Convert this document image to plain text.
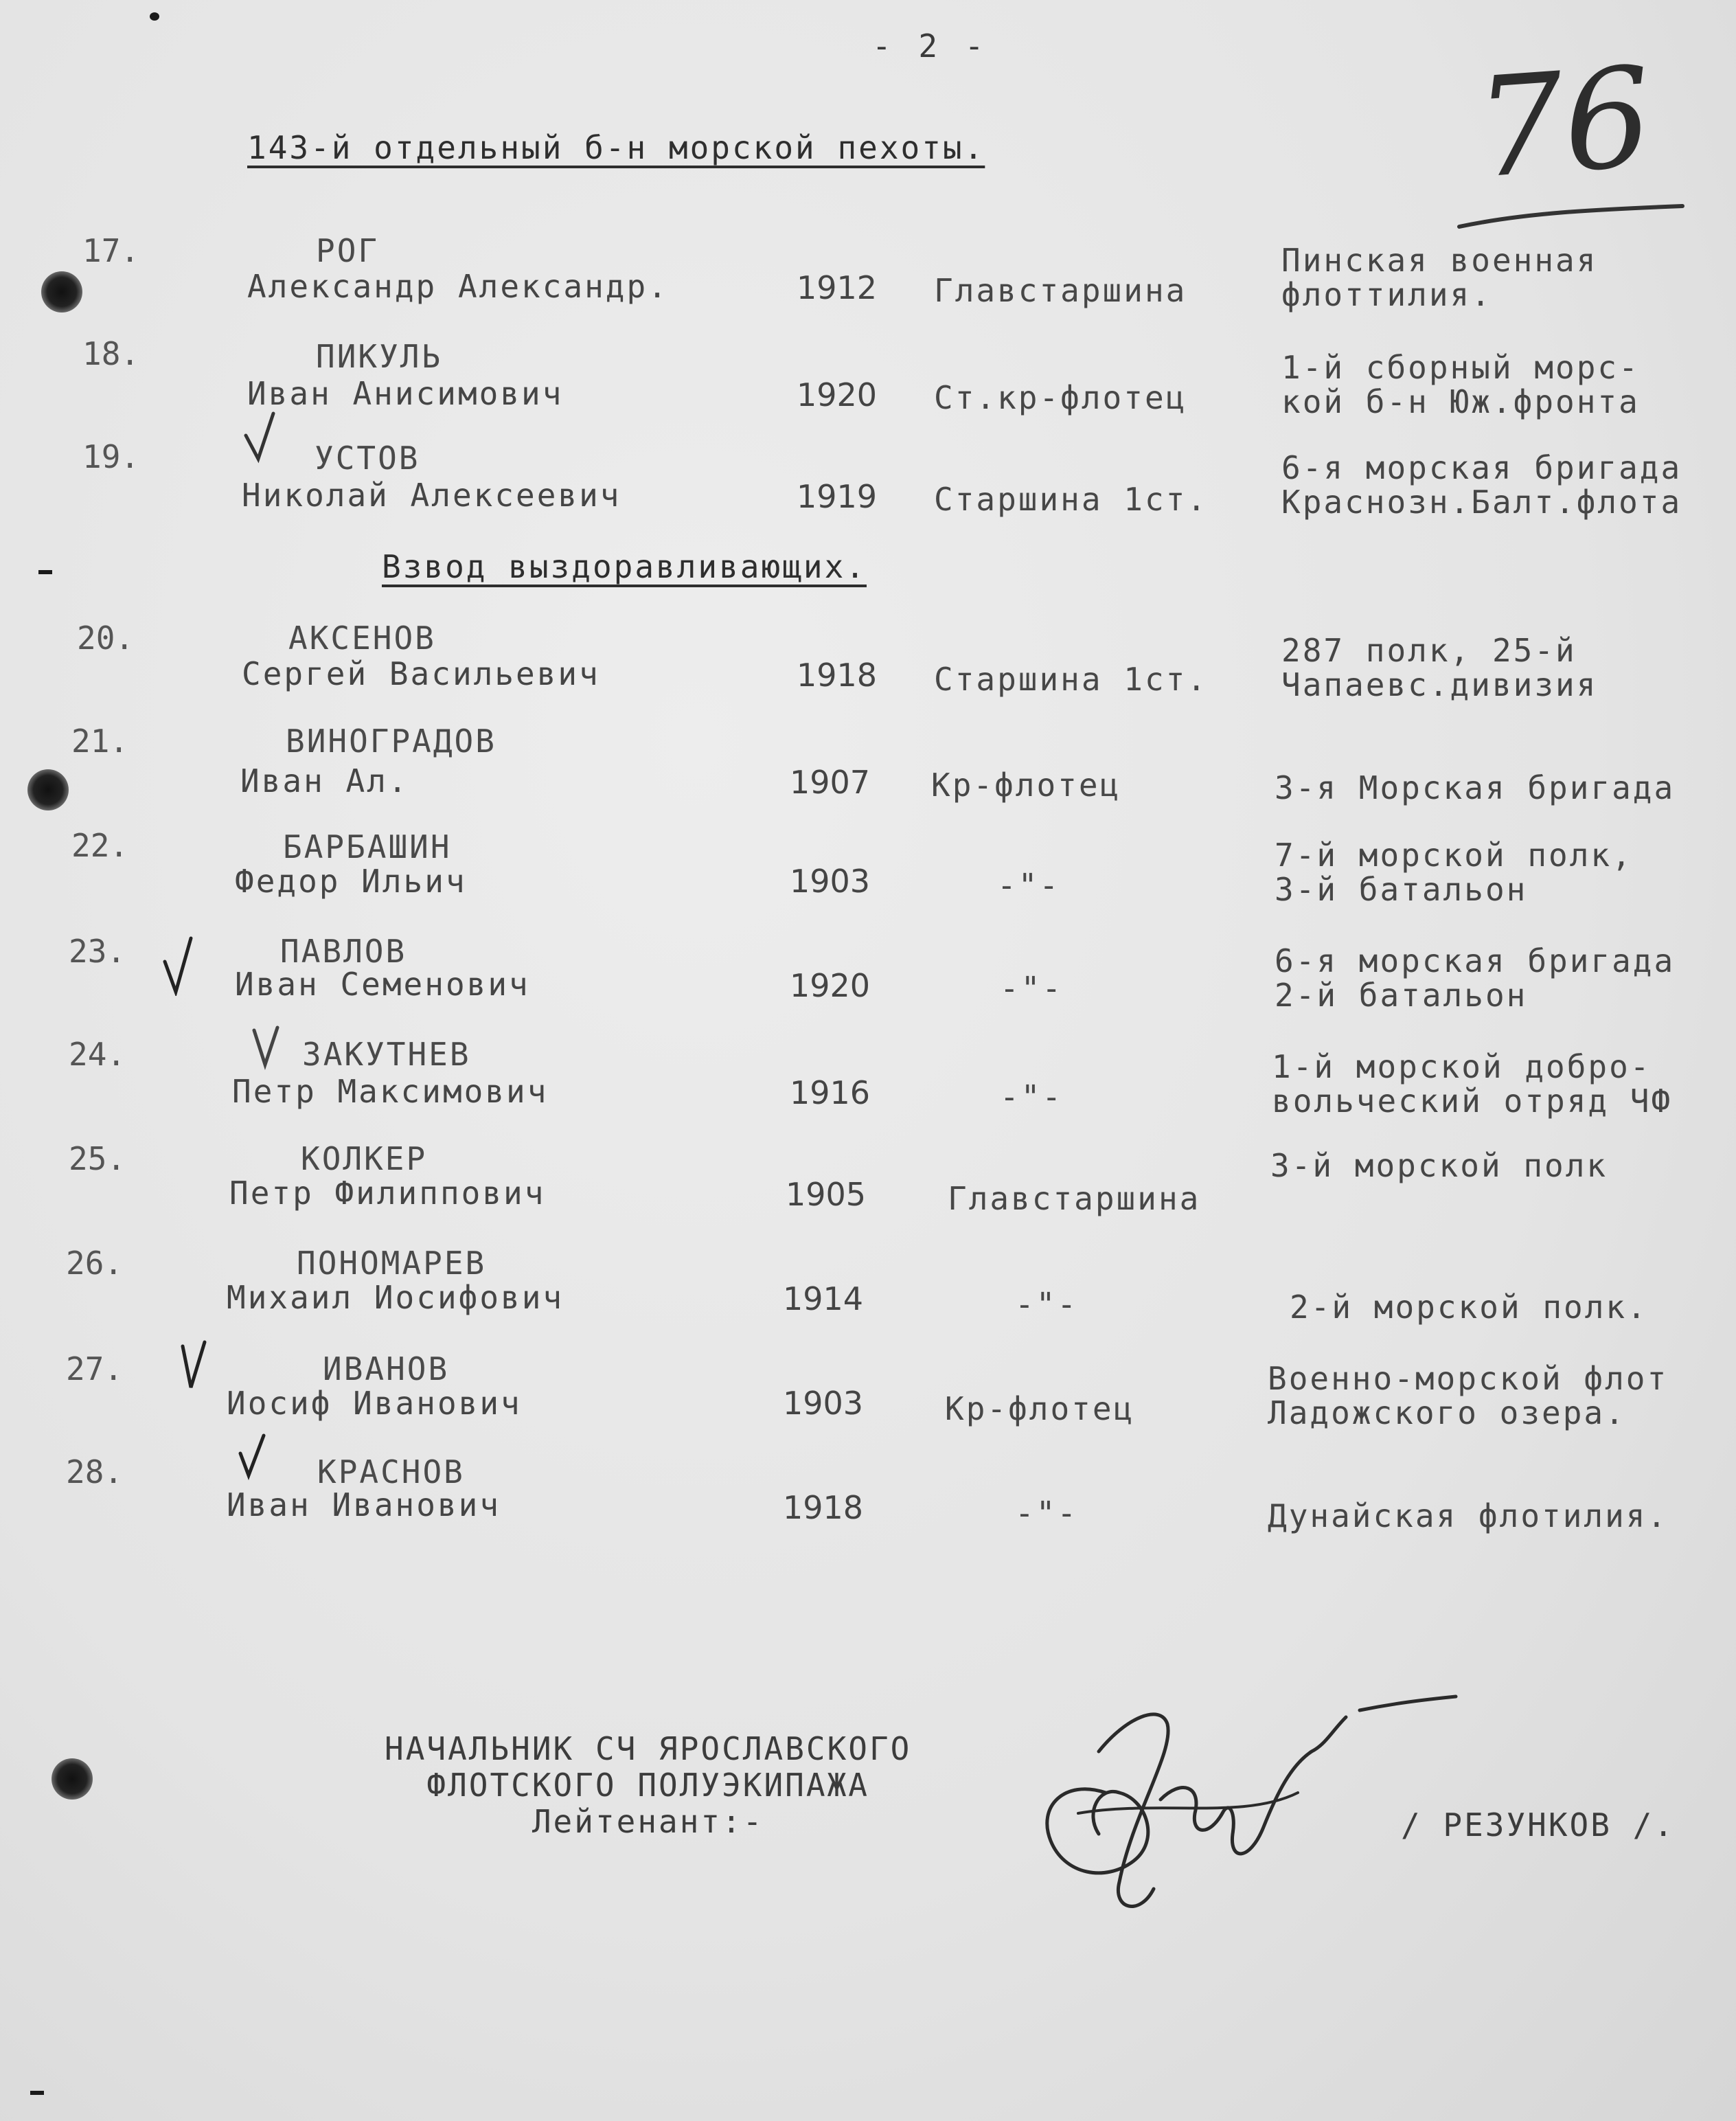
- 2 -	76
143-й отдельный б-н морской пехоты.
17.	РОГ
Александр Александр.	1912 Главстаршина
Пинская военная
флоттилия.
18.	ПИКУЛЬ
Иван Анисимович	1920 Ст.кр-флотец
1-й сборный морс-
кой б-н Юж.фронта
19.	УСТОВ
Николай Алексеевич	1919 Старшина 1ст.
6-я морская бригада
Краснозн.Балт.флота
Взвод выздоравливающих.
20.	АКСЕНОВ
Сергей Васильевич	1918 Старшина 1ст.
287 полк, 25-й
Чапаевс.дивизия
21.	ВИНОГРАДОВ
Иван Ал.	1907 Кр-флотец	3-я Морская бригада
22.	БАРБАШИН
Федор Ильич	1903	-"-
7-й морской полк,
3-й батальон
23.	ПАВЛОВ
Иван Семенович	1920	-"-
6-я морская бригада
2-й батальон
24.	ЗАКУТНЕВ
Петр Максимович	1916	-"-
1-й морской добро-
вольческий отряд ЧФ
25.	КОЛКЕР
Петр Филиппович	1905	Главстаршина
3-й морской полк
26.	ПОНОМАРЕВ
Михаил Иосифович	1914	-"-	2-й морской полк.
27.	ИВАНОВ
Иосиф Иванович	1903	Кр-флотец
Военно-морской флот
Ладожского озера.
28.	КРАСНОВ
Иван Иванович	1918	-"-	Дунайская флотилия.
НАЧАЛЬНИК СЧ ЯРОСЛАВСКОГО
ФЛОТСКОГО ПОЛУЭКИПАЖА
Лейтенант:-	/ РЕЗУНКОВ /.
